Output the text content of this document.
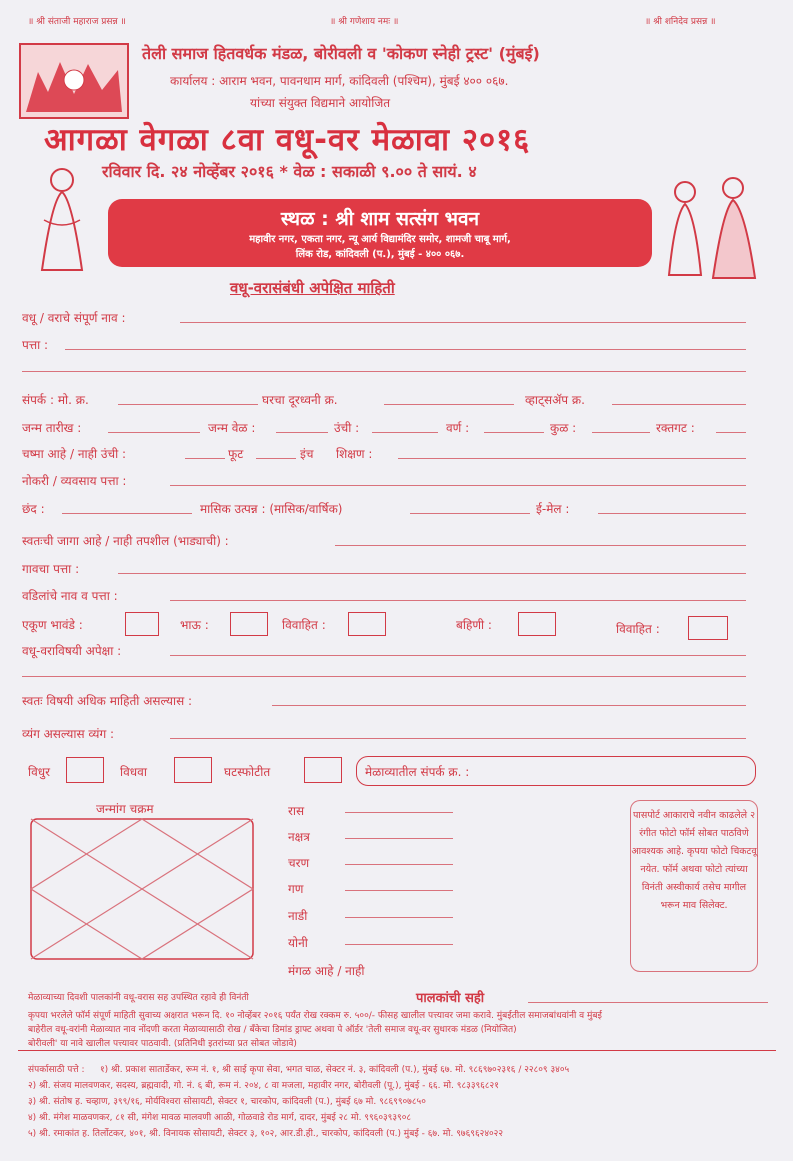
॥ श्री संताजी महाराज प्रसन्न ॥	॥ श्री गणेशाय नमः ॥	॥ श्री शनिदेव प्रसन्न ॥
तेली समाज हितवर्धक मंडळ, बोरीवली व 'कोकण स्नेही ट्रस्ट' (मुंबई)
कार्यालय : आराम भवन, पावनधाम मार्ग, कांदिवली (पश्चिम), मुंबई ४०० ०६७.
यांच्या संयुक्त विद्यमाने आयोजित
आगळा वेगळा ८वा वधू-वर मेळावा २०१६
रविवार दि. २४ नोव्हेंबर २०१६ * वेळ : सकाळी ९.०० ते सायं. ४
स्थळ : श्री शाम सत्संग भवन
महावीर नगर, एकता नगर, न्यू आर्य विद्यामंदिर समोर, शामजी चाबू मार्ग,
लिंक रोड, कांदिवली (प.), मुंबई - ४०० ०६७.
वधू-वरासंबंधी अपेक्षित माहिती
वधू / वराचे संपूर्ण नाव :
पत्ता :
संपर्क : मो. क्र.	घरचा दूरध्वनी क्र.	व्हाट्सॲप क्र.
जन्म तारीख :	जन्म वेळ :	उंची :	वर्ण :	कुळ :	रक्तगट :
चष्मा आहे / नाही उंची :	फूट	इंच शिक्षण :
नोकरी / व्यवसाय पत्ता :
छंद :	मासिक उत्पन्न : (मासिक/वार्षिक)	ई-मेल :
स्वतःची जागा आहे / नाही तपशील (भाड्याची) :
गावचा पत्ता :
वडिलांचे नाव व पत्ता :
एकूण भावंडे :	भाऊ :	विवाहित :	बहिणी :	विवाहित :
वधू-वराविषयी अपेक्षा :
स्वतः विषयी अधिक माहिती असल्यास :
व्यंग असल्यास व्यंग :
विधुर	विधवा	घटस्फोटीत	मेळाव्यातील संपर्क क्र. :
जन्मांग चक्रम	रास
नक्षत्र
चरण
गण
नाडी
योनी
मंगळ आहे / नाही
पासपोर्ट आकाराचे नवीन काढलेले २ रंगीत फोटो फॉर्म सोबत पाठविणे आवश्यक आहे. कृपया फोटो चिकटवू नयेत. फॉर्म अथवा फोटो त्यांच्या विनंती अस्वीकार्य तसेच मागील भरून माव सिलेक्ट.
मेळाव्याच्या दिवशी पालकांनी वधू-वरास सह उपस्थित रहावे ही विनंती	पालकांची सही
कृपया भरलेले फॉर्म संपूर्ण माहिती सुवाच्य अक्षरात भरून दि. १० नोव्हेंबर २०१६ पर्यंत रोख रक्कम रु. ५००/- फीसह खालील पत्त्यावर जमा करावे. मुंबईतील समाजबांधवांनी व मुंबई
बाहेरील वधू-वरांनी मेळाव्यात नाव नोंदणी करता मेळाव्यासाठी रोख / बँकेचा डिमांड ड्राफ्ट अथवा पे ऑर्डर 'तेली समाज वधू-वर सुधारक मंडळ (नियोजित)
बोरीवली' या नावे खालील पत्त्यावर पाठवावी. (प्रतिनिधी इतरांच्या प्रत सोबत जोडावे)
संपर्कासाठी पत्ते : १) श्री. प्रकाश सातार्डेकर, रूम नं. १, श्री साई कृपा सेवा, भगत चाळ, सेक्टर नं. ३, कांदिवली (प.), मुंबई ६७. मो. ९८६९७०२३१६ / २२८०९ ३४०५
२) श्री. संजय मालवणकर, सदस्य, ब्रह्मवादी, गो. नं. ६ बी, रूम नं. २०४, ८ वा मजला, महावीर नगर, बोरीवली (पू.), मुंबई - ६६. मो. ९८३३९६८२१
३) श्री. संतोष ह. चव्हाण, ३९९/१६, मोर्यविश्वरा सोसायटी, सेक्टर १, चारकोप, कांदिवली (प.), मुंबई ६७ मो. ९८६९९०७८५०
४) श्री. मंगेश माळवणकर, ८१ सी, मंगेश मावळ मालवणी आळी, गोळवाडे रोड मार्ग, दादर, मुंबई २८ मो. ९९६०३९३९०८
५) श्री. रमाकांत ह. तिर्लोटकर, ४०१, श्री. विनायक सोसायटी, सेक्टर ३, १०२, आर.डी.ही., चारकोप, कांदिवली (प.) मुंबई - ६७. मो. ९७६९६२४०२२
